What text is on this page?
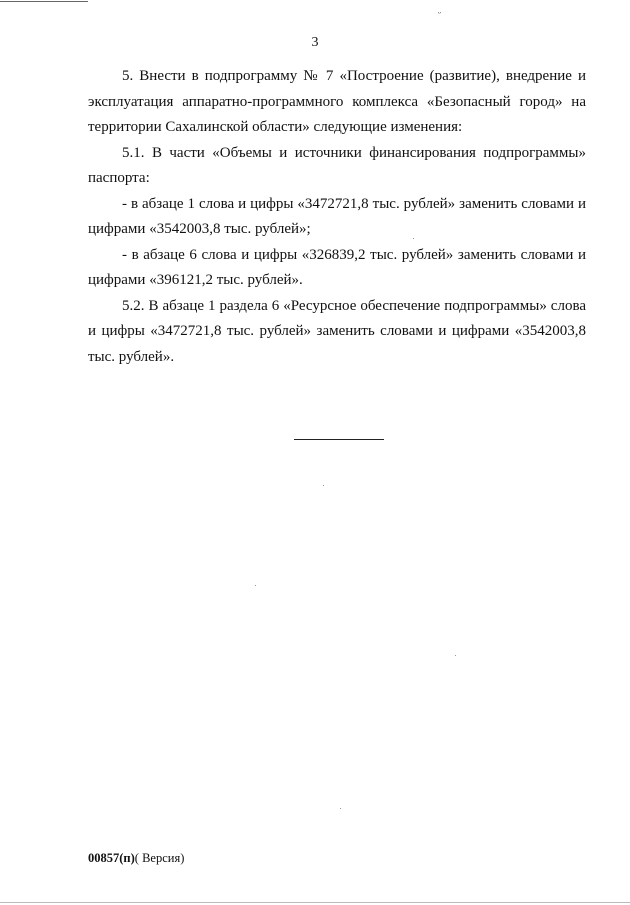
ᵕ
3

5. Внести в подпрограмму № 7 «Построение (развитие), внедрение и эксплуатация аппаратно-программного комплекса «Безопасный город» на территории Сахалинской области» следующие изменения:

5.1. В части «Объемы и источники финансирования подпрограммы» паспорта:

- в абзаце 1 слова и цифры «3472721,8 тыс. рублей» заменить словами и цифрами «3542003,8 тыс. рублей»;

- в абзаце 6 слова и цифры «326839,2 тыс. рублей» заменить словами и цифрами «396121,2 тыс. рублей».

5.2. В абзаце 1 раздела 6 «Ресурсное обеспечение подпрограммы» слова и цифры «3472721,8 тыс. рублей» заменить словами и цифрами «3542003,8 тыс. рублей».

00857(п)( Версия)
